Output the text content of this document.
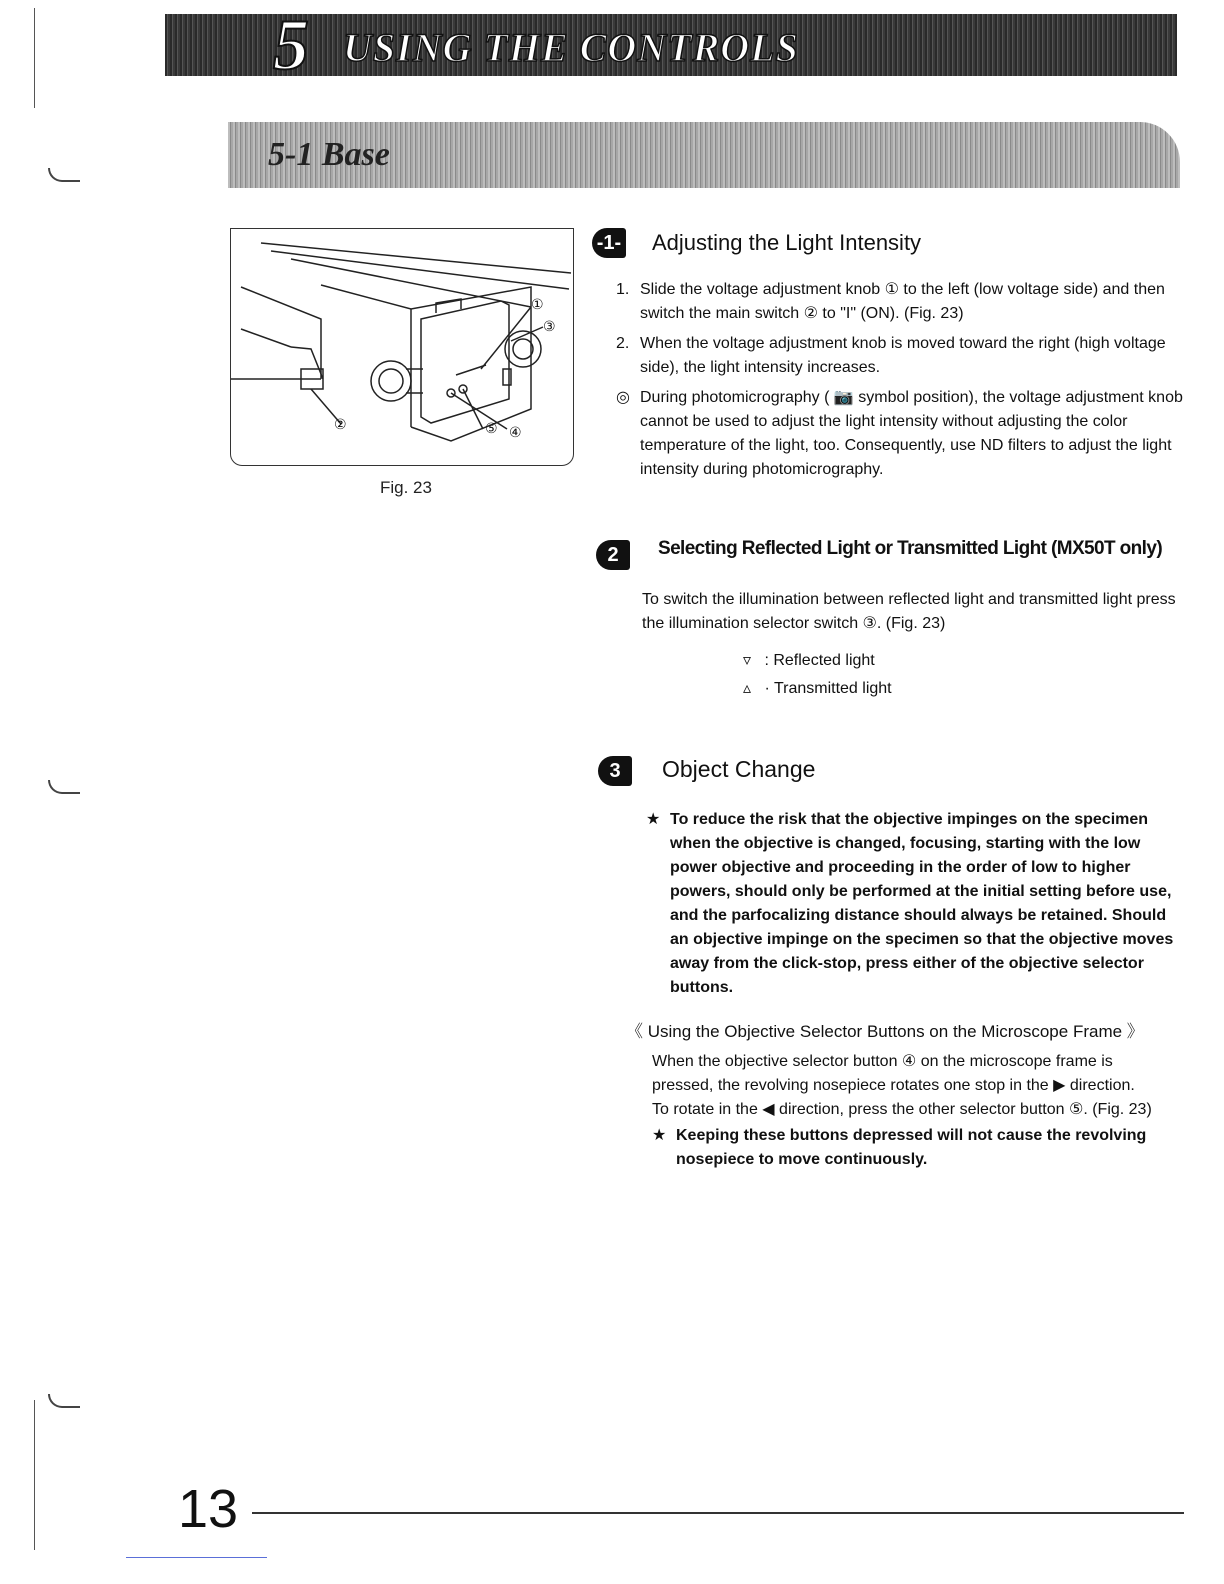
5 USING THE CONTROLS
5-1 Base
①
②
③
④
⑤
Fig. 23
-1- Adjusting the Light Intensity
1. Slide the voltage adjustment knob ① to the left (low voltage side) and then switch the main switch ② to "I" (ON). (Fig. 23)

2. When the voltage adjustment knob is moved toward the right (high voltage side), the light intensity increases.

◎ During photomicrography ( 📷 symbol position), the voltage adjustment knob cannot be used to adjust the light intensity without adjusting the color temperature of the light, too. Consequently, use ND filters to adjust the light intensity during photomicrography.

2	Selecting Reflected Light or Transmitted Light (MX50T only)
To switch the illumination between reflected light and transmitted light press the illumination selector switch ③. (Fig. 23)
▿ : Reflected light
▵ · Transmitted light
3	Object Change
★ To reduce the risk that the objective impinges on the specimen when the objective is changed, focusing, starting with the low power objective and proceeding in the order of low to higher powers, should only be performed at the initial setting before use, and the parfocalizing distance should always be retained. Should an objective impinge on the specimen so that the objective moves away from the click-stop, press either of the objective selector buttons.

《 Using the Objective Selector Buttons on the Microscope Frame 》

When the objective selector button ④ on the microscope frame is

pressed, the revolving nosepiece rotates one stop in the ▶ direction.

To rotate in the ◀ direction, press the other selector button ⑤. (Fig. 23)

★ Keeping these buttons depressed will not cause the revolving nosepiece to move continuously.

13
